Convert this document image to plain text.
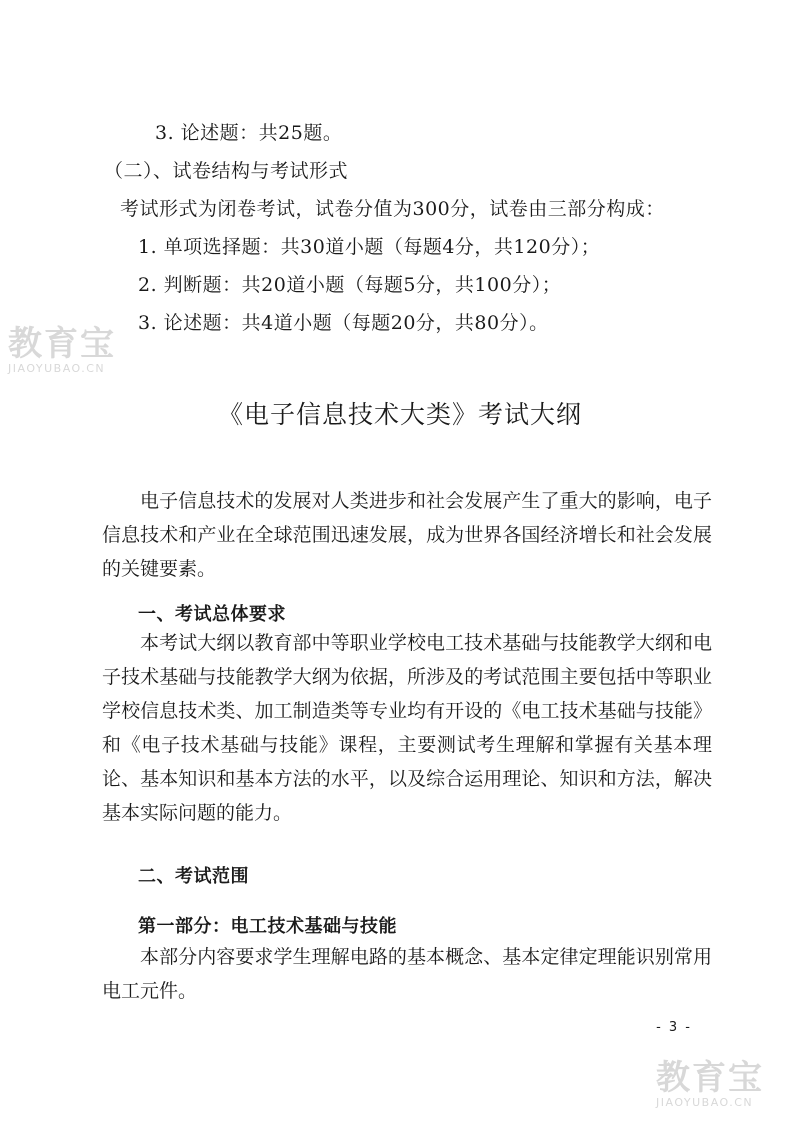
3. 论述题：共25题。
（二）、试卷结构与考试形式
考试形式为闭卷考试，试卷分值为300分，试卷由三部分构成：
1. 单项选择题：共30道小题（每题4分，共120分）；
2. 判断题：共20道小题（每题5分，共100分）；
3. 论述题：共4道小题（每题20分，共80分）。
《电子信息技术大类》考试大纲
电子信息技术的发展对人类进步和社会发展产生了重大的影响，电子信息技术和产业在全球范围迅速发展，成为世界各国经济增长和社会发展的关键要素。
一、考试总体要求
本考试大纲以教育部中等职业学校电工技术基础与技能教学大纲和电子技术基础与技能教学大纲为依据，所涉及的考试范围主要包括中等职业学校信息技术类、加工制造类等专业均有开设的《电工技术基础与技能》和《电子技术基础与技能》课程，主要测试考生理解和掌握有关基本理论、基本知识和基本方法的水平，以及综合运用理论、知识和方法，解决基本实际问题的能力。
二、考试范围
第一部分：电工技术基础与技能
本部分内容要求学生理解电路的基本概念、基本定律定理能识别常用电工元件。
- 3 -
教育宝
JIAOYUBAO.CN
教育宝
JIAOYUBAO.CN
